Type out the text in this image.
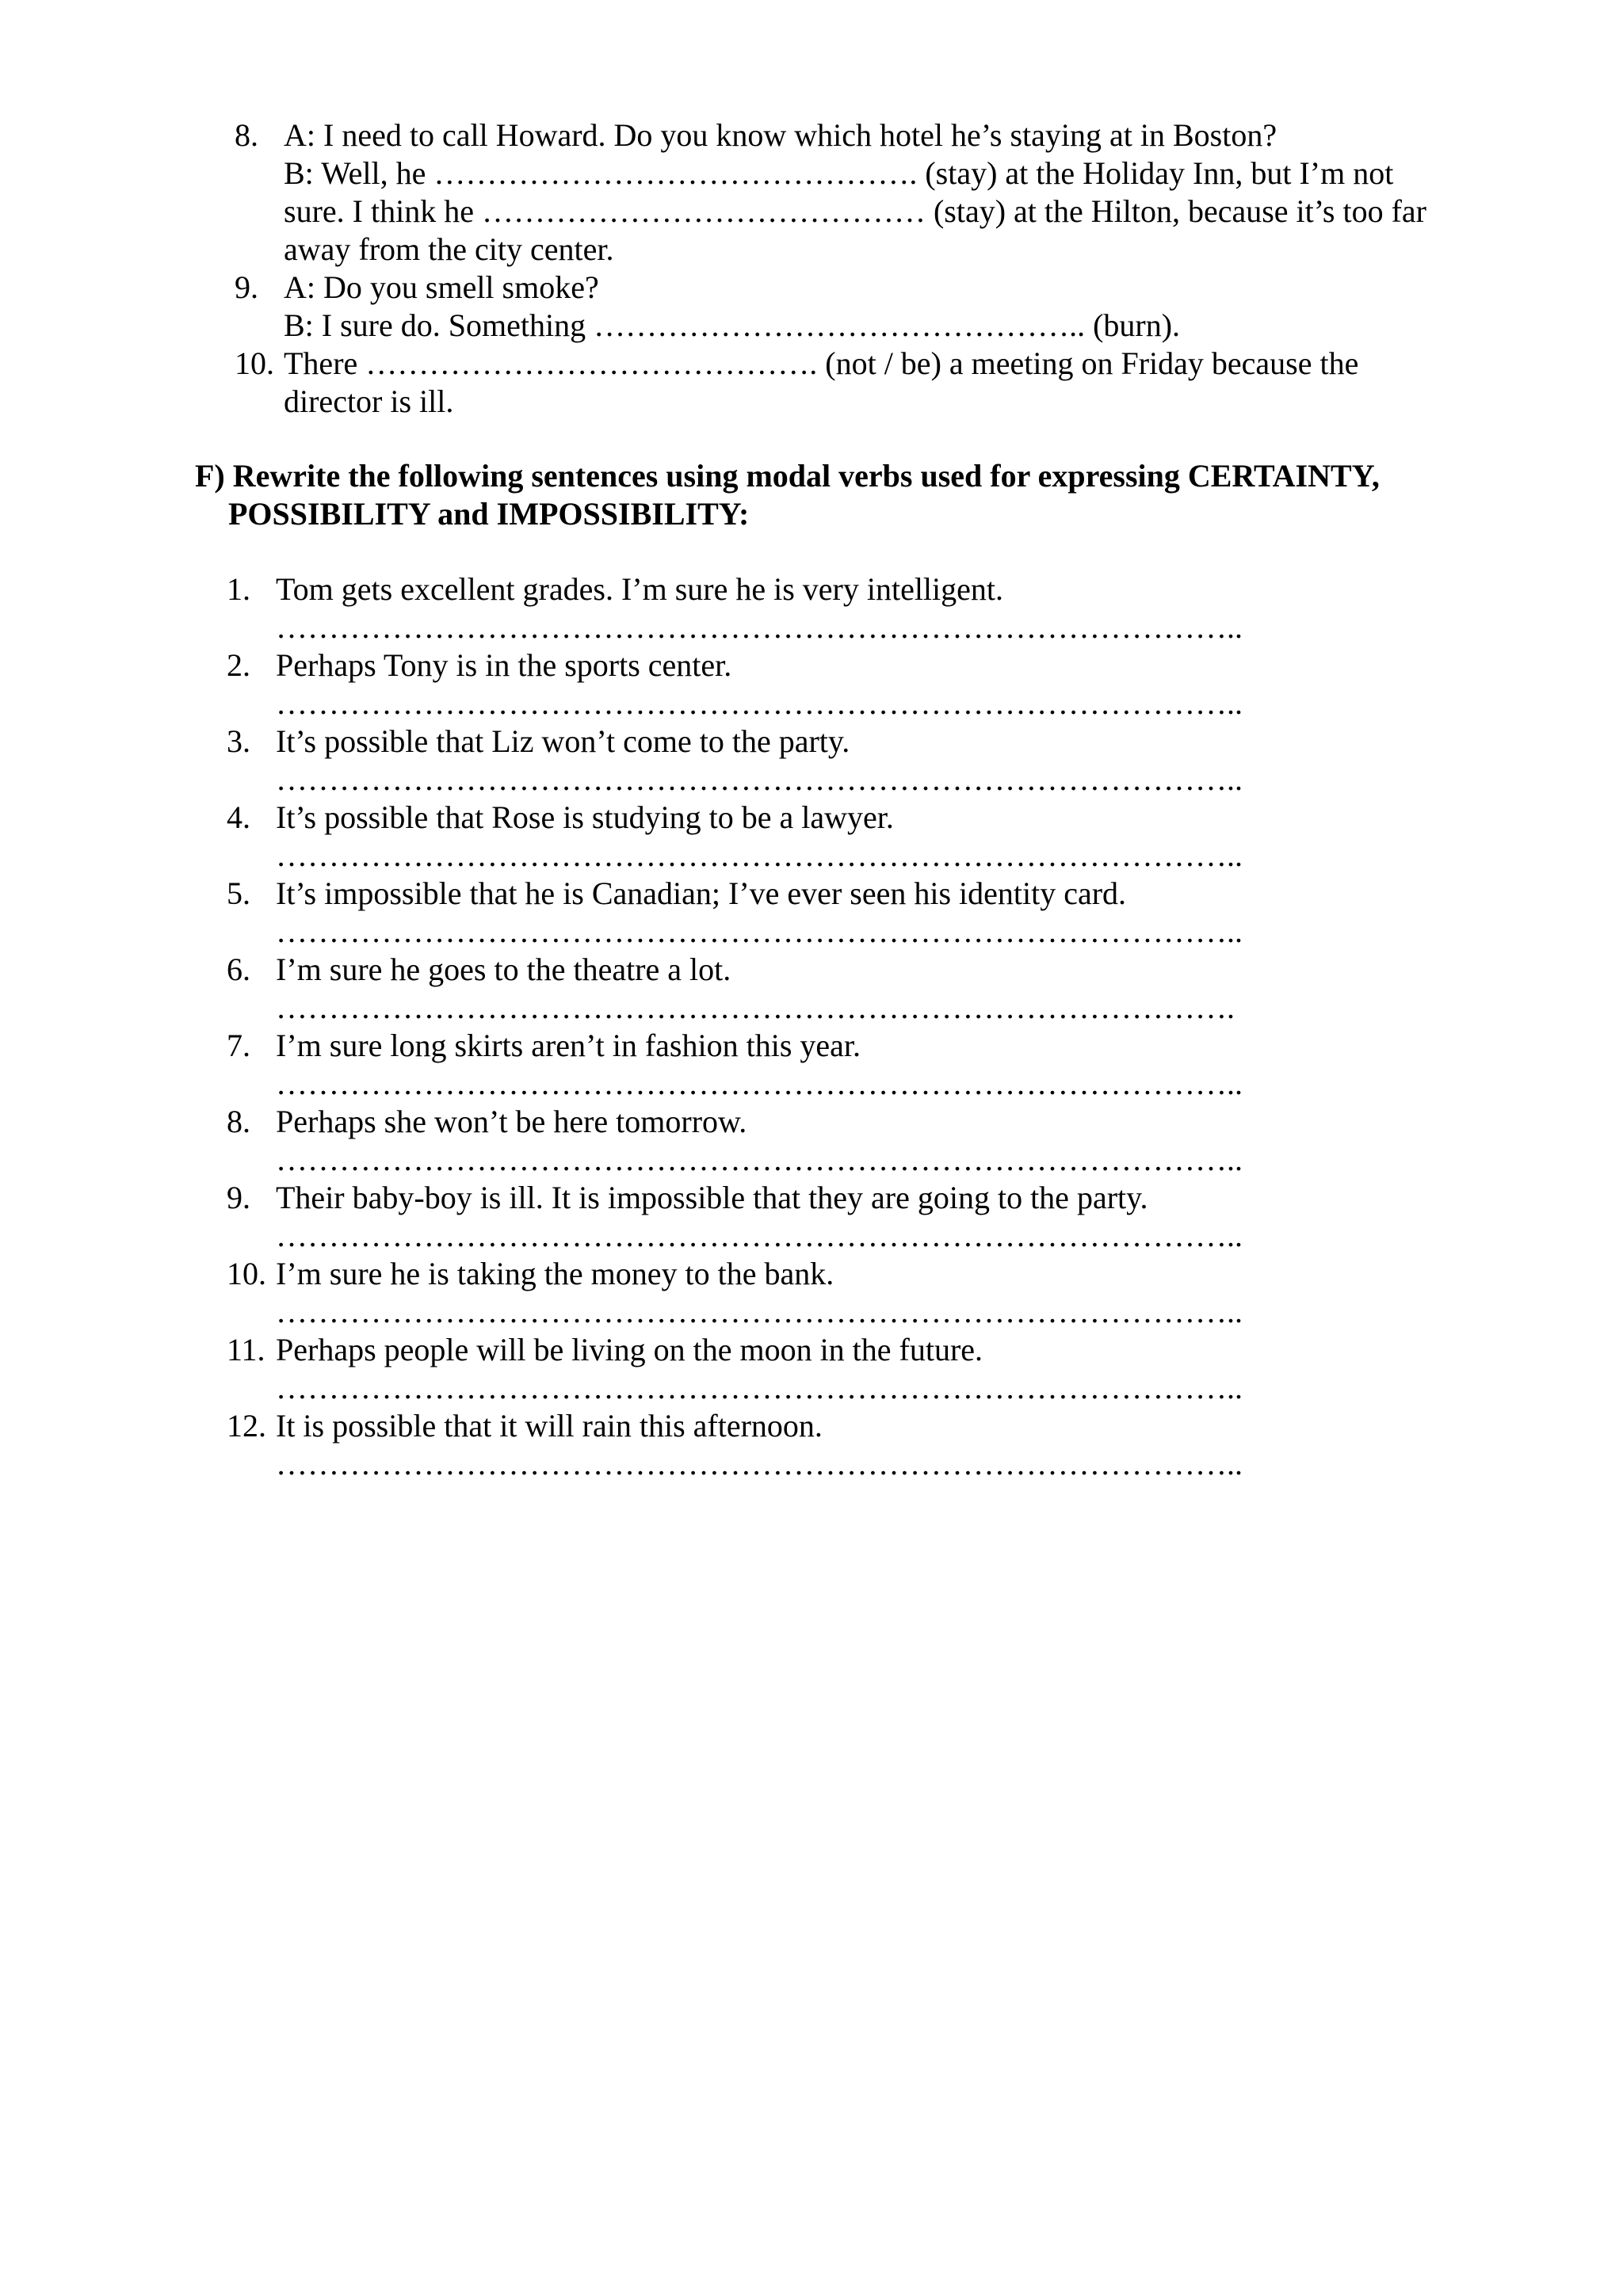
8. A: I need to call Howard. Do you know which hotel he’s staying at in Boston?
B: Well, he ………………………………………. (stay) at the Holiday Inn, but I’m not
sure. I think he …………………………………… (stay) at the Hilton, because it’s too far
away from the city center.
9. A: Do you smell smoke?
B: I sure do. Something ……………………………………….. (burn).
10. There ……………………………………. (not / be) a meeting on Friday because the
director is ill.
F) Rewrite the following sentences using modal verbs used for expressing CERTAINTY,
POSSIBILITY and IMPOSSIBILITY:
1. Tom gets excellent grades. I’m sure he is very intelligent.
………………………………………………………………………………..
2. Perhaps Tony is in the sports center.
………………………………………………………………………………..
3. It’s possible that Liz won’t come to the party.
………………………………………………………………………………..
4. It’s possible that Rose is studying to be a lawyer.
………………………………………………………………………………..
5. It’s impossible that he is Canadian; I’ve ever seen his identity card.
………………………………………………………………………………..
6. I’m sure he goes to the theatre a lot.
……………………………………………………………………………….
7. I’m sure long skirts aren’t in fashion this year.
………………………………………………………………………………..
8. Perhaps she won’t be here tomorrow.
………………………………………………………………………………..
9. Their baby-boy is ill. It is impossible that they are going to the party.
………………………………………………………………………………..
10. I’m sure he is taking the money to the bank.
………………………………………………………………………………..
11. Perhaps people will be living on the moon in the future.
………………………………………………………………………………..
12. It is possible that it will rain this afternoon.
………………………………………………………………………………..
